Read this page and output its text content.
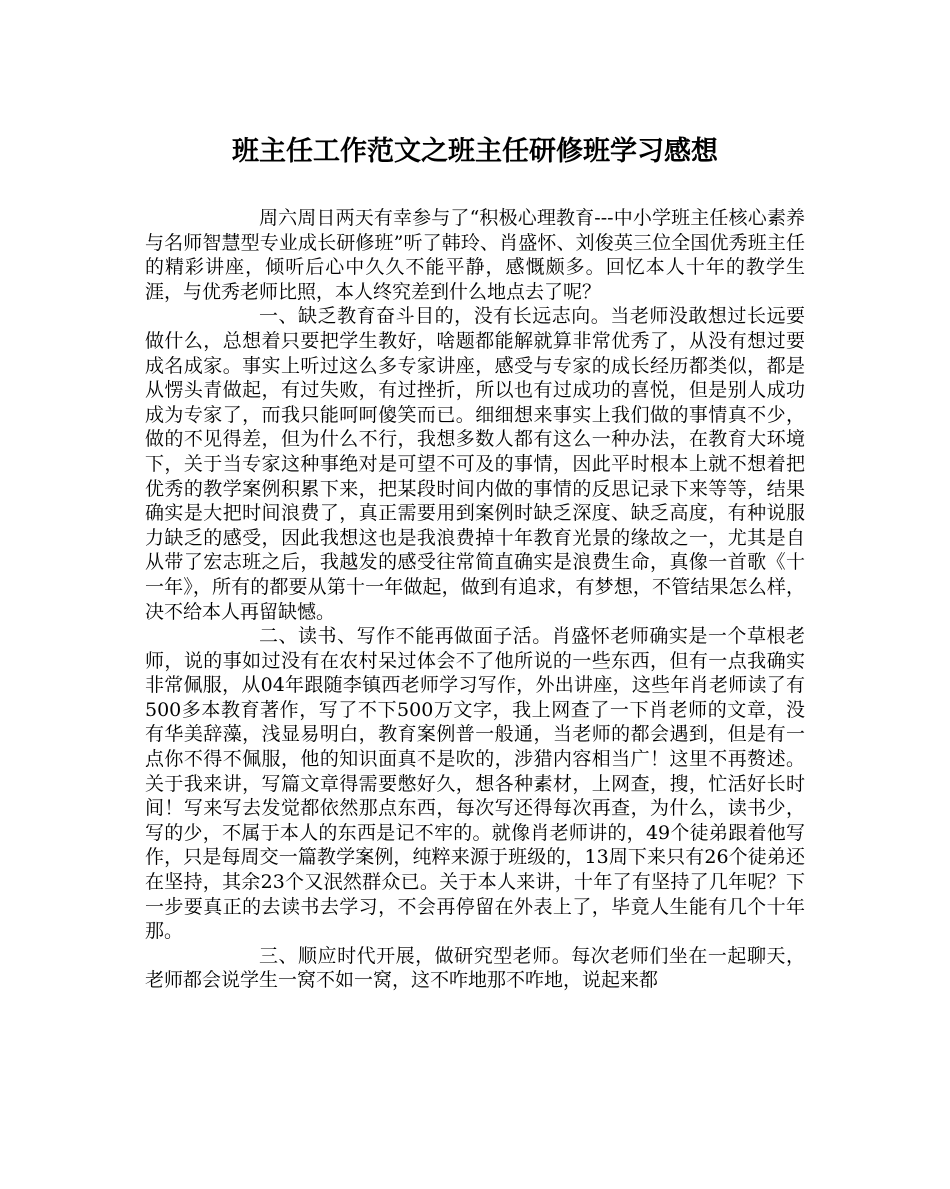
班主任工作范文之班主任研修班学习感想

周六周日两天有幸参与了“积极心理教育---中小学班主任核心素养与名师智慧型专业成长研修班”听了韩玲、肖盛怀、刘俊英三位全国优秀班主任的精彩讲座，倾听后心中久久不能平静，感慨颇多。回忆本人十年的教学生涯，与优秀老师比照，本人终究差到什么地点去了呢？

一、缺乏教育奋斗目的，没有长远志向。当老师没敢想过长远要做什么，总想着只要把学生教好，啥题都能解就算非常优秀了，从没有想过要成名成家。事实上听过这么多专家讲座，感受与专家的成长经历都类似，都是从愣头青做起，有过失败，有过挫折，所以也有过成功的喜悦，但是别人成功成为专家了，而我只能呵呵傻笑而已。细细想来事实上我们做的事情真不少，做的不见得差，但为什么不行，我想多数人都有这么一种办法，在教育大环境下，关于当专家这种事绝对是可望不可及的事情，因此平时根本上就不想着把优秀的教学案例积累下来，把某段时间内做的事情的反思记录下来等等，结果确实是大把时间浪费了，真正需要用到案例时缺乏深度、缺乏高度，有种说服力缺乏的感受，因此我想这也是我浪费掉十年教育光景的缘故之一，尤其是自从带了宏志班之后，我越发的感受往常简直确实是浪费生命，真像一首歌《十一年》，所有的都要从第十一年做起，做到有追求，有梦想，不管结果怎么样，决不给本人再留缺憾。

二、读书、写作不能再做面子活。肖盛怀老师确实是一个草根老师，说的事如过没有在农村呆过体会不了他所说的一些东西，但有一点我确实非常佩服，从04年跟随李镇西老师学习写作，外出讲座，这些年肖老师读了有500多本教育著作，写了不下500万文字，我上网查了一下肖老师的文章，没有华美辞藻，浅显易明白，教育案例普一般通，当老师的都会遇到，但是有一点你不得不佩服，他的知识面真不是吹的，涉猎内容相当广！这里不再赘述。关于我来讲，写篇文章得需要憋好久，想各种素材，上网查，搜，忙活好长时间！写来写去发觉都依然那点东西，每次写还得每次再查，为什么，读书少，写的少，不属于本人的东西是记不牢的。就像肖老师讲的，49个徒弟跟着他写作，只是每周交一篇教学案例，纯粹来源于班级的，13周下来只有26个徒弟还在坚持，其余23个又泯然群众已。关于本人来讲，十年了有坚持了几年呢？下一步要真正的去读书去学习，不会再停留在外表上了，毕竟人生能有几个十年那。

三、顺应时代开展，做研究型老师。每次老师们坐在一起聊天，老师都会说学生一窝不如一窝，这不咋地那不咋地，说起来都
